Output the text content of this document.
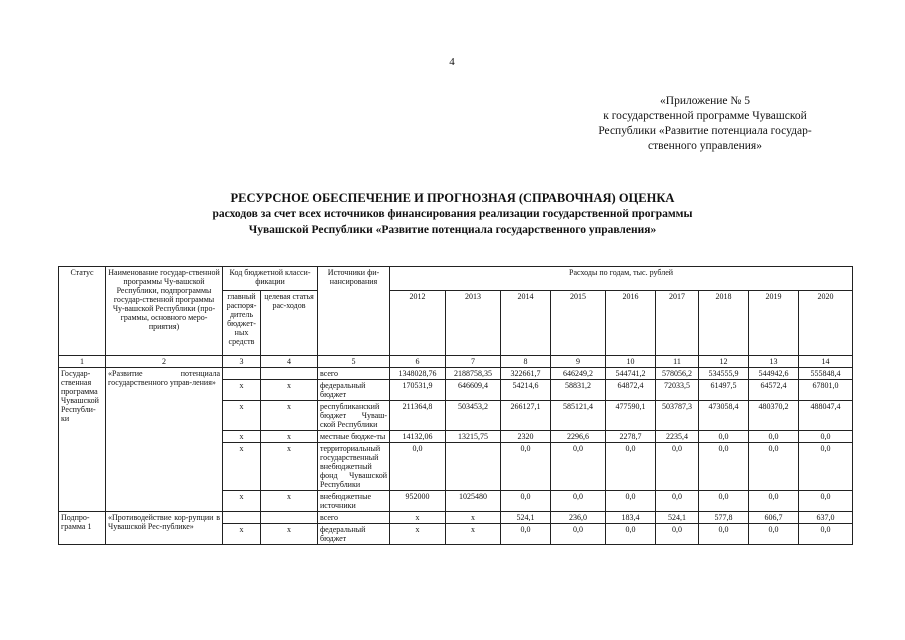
4
«Приложение № 5
к государственной программе Чувашской
Республики «Развитие потенциала государ-
ственного управления»
РЕСУРСНОЕ ОБЕСПЕЧЕНИЕ И ПРОГНОЗНАЯ (СПРАВОЧНАЯ) ОЦЕНКА
расходов за счет всех источников финансирования реализации государственной программы
Чувашской Республики «Развитие потенциала государственного управления»
Статус	Наименование государ-ственной программы Чу-вашской Республики, подпрограммы государ-ственной программы Чу-вашской Республики (про-граммы, основного меро-приятия)	Код бюджетной класси-фикации		Источники фи-нансирования	Расходы по годам, тыс. рублей								
		главный распоря-дитель бюджет-ных средств	целевая статья рас-ходов		2012	2013	2014	2015	2016	2017	2018	2019	2020
1	2	3	4	5	6	7	8	9	10	11	12	13	14
Государ-ственная программа Чувашской Республи-ки	«Развитие потенциала государственного управ-ления»			всего	1348028,76	2188758,35	322661,7	646249,2	544741,2	578056,2	534555,9	544942,6	555848,4
		х	х	федеральный бюджет	170531,9	646609,4	54214,6	58831,2	64872,4	72033,5	61497,5	64572,4	67801,0
		х	х	республиканский бюджет Чуваш-ской Республики	211364,8	503453,2	266127,1	585121,4	477590,1	503787,3	473058,4	480370,2	488047,4
		х	х	местные бюдже-ты	14132,06	13215,75	2320	2296,6	2278,7	2235,4	0,0	0,0	0,0
		х	х	территориальный государственный внебюджетный фонд Чувашской Республики	0,0		0,0	0,0	0,0	0,0	0,0	0,0	0,0
		х	х	внебюджетные источники	952000	1025480	0,0	0,0	0,0	0,0	0,0	0,0	0,0
Подпро-грамма 1	«Противодействие кор-рупции в Чувашской Рес-публике»			всего	х	х	524,1	236,0	183,4	524,1	577,8	606,7	637,0
		х	х	федеральный бюджет	х	х	0,0	0,0	0,0	0,0	0,0	0,0	0,0
